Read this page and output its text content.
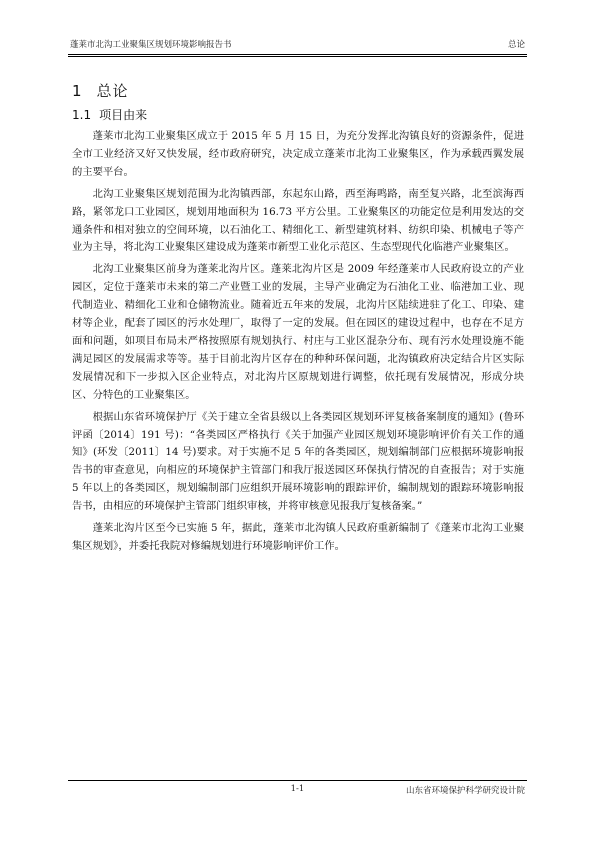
蓬莱市北沟工业聚集区规划环境影响报告书	总论
1 总论
1.1 项目由来

蓬莱市北沟工业聚集区成立于 2015 年 5 月 15 日，为充分发挥北沟镇良好的资源条件，促进全市工业经济又好又快发展，经市政府研究，决定成立蓬莱市北沟工业聚集区，作为承载西翼发展的主要平台。

北沟工业聚集区规划范围为北沟镇西部，东起东山路，西至海鸣路，南至复兴路，北至滨海西路，紧邻龙口工业园区，规划用地面积为 16.73 平方公里。工业聚集区的功能定位是利用发达的交通条件和相对独立的空间环境，以石油化工、精细化工、新型建筑材料、纺织印染、机械电子等产业为主导，将北沟工业聚集区建设成为蓬莱市新型工业化示范区、生态型现代化临港产业聚集区。

北沟工业聚集区前身为蓬莱北沟片区。蓬莱北沟片区是 2009 年经蓬莱市人民政府设立的产业园区，定位于蓬莱市未来的第二产业暨工业的发展，主导产业确定为石油化工业、临港加工业、现代制造业、精细化工业和仓储物流业。随着近五年来的发展，北沟片区陆续进驻了化工、印染、建材等企业，配套了园区的污水处理厂，取得了一定的发展。但在园区的建设过程中，也存在不足方面和问题，如项目布局未严格按照原有规划执行、村庄与工业区混杂分布、现有污水处理设施不能满足园区的发展需求等等。基于目前北沟片区存在的种种环保问题，北沟镇政府决定结合片区实际发展情况和下一步拟入区企业特点，对北沟片区原规划进行调整，依托现有发展情况，形成分块区、分特色的工业聚集区。

根据山东省环境保护厅《关于建立全省县级以上各类园区规划环评复核备案制度的通知》(鲁环评函〔2014〕191 号)：“各类园区严格执行《关于加强产业园区规划环境影响评价有关工作的通知》(环发〔2011〕14 号)要求。对于实施不足 5 年的各类园区，规划编制部门应根据环境影响报告书的审查意见，向相应的环境保护主管部门和我厅报送园区环保执行情况的自查报告；对于实施 5 年以上的各类园区，规划编制部门应组织开展环境影响的跟踪评价，编制规划的跟踪环境影响报告书，由相应的环境保护主管部门组织审核，并将审核意见报我厅复核备案。”

蓬莱北沟片区至今已实施 5 年，据此，蓬莱市北沟镇人民政府重新编制了《蓬莱市北沟工业聚集区规划》，并委托我院对修编规划进行环境影响评价工作。

1-1	山东省环境保护科学研究设计院
